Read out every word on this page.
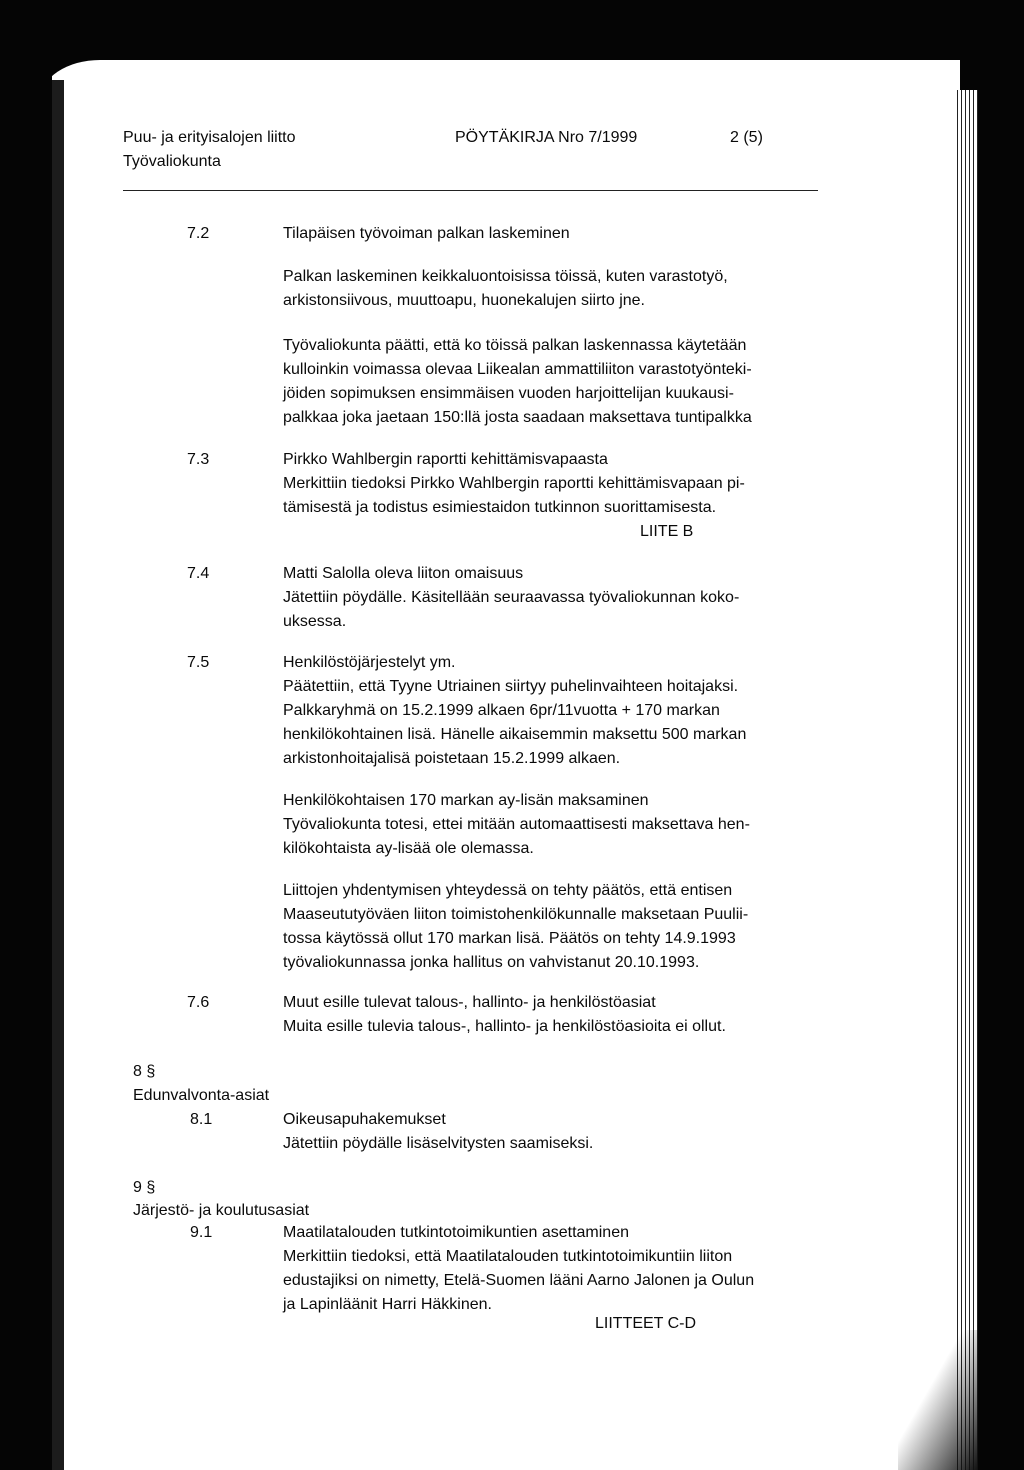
Puu- ja erityisalojen liitto
Työvaliokunta
PÖYTÄKIRJA Nro 7/1999	2 (5)
7.2	Tilapäisen työvoiman palkan laskeminen
Palkan laskeminen keikkaluontoisissa töissä, kuten varastotyö,
arkistonsiivous, muuttoapu, huonekalujen siirto jne.
Työvaliokunta päätti, että ko töissä palkan laskennassa käytetään
kulloinkin voimassa olevaa Liikealan ammattiliiton varastotyönteki-
jöiden sopimuksen ensimmäisen vuoden harjoittelijan kuukausi-
palkkaa joka jaetaan 150:llä josta saadaan maksettava tuntipalkka
7.3	Pirkko Wahlbergin raportti kehittämisvapaasta
Merkittiin tiedoksi Pirkko Wahlbergin raportti kehittämisvapaan pi-
tämisestä ja todistus esimiestaidon tutkinnon suorittamisesta.
LIITE B
7.4	Matti Salolla oleva liiton omaisuus
Jätettiin pöydälle. Käsitellään seuraavassa työvaliokunnan koko-
uksessa.
7.5	Henkilöstöjärjestelyt ym.
Päätettiin, että Tyyne Utriainen siirtyy puhelinvaihteen hoitajaksi.
Palkkaryhmä on 15.2.1999 alkaen 6pr/11vuotta + 170 markan
henkilökohtainen lisä. Hänelle aikaisemmin maksettu 500 markan
arkistonhoitajalisä poistetaan 15.2.1999 alkaen.
Henkilökohtaisen 170 markan ay-lisän maksaminen
Työvaliokunta totesi, ettei mitään automaattisesti maksettava hen-
kilökohtaista ay-lisää ole olemassa.
Liittojen yhdentymisen yhteydessä on tehty päätös, että entisen
Maaseututyöväen liiton toimistohenkilökunnalle maksetaan Puulii-
tossa käytössä ollut 170 markan lisä. Päätös on tehty 14.9.1993
työvaliokunnassa jonka hallitus on vahvistanut 20.10.1993.
7.6	Muut esille tulevat talous-, hallinto- ja henkilöstöasiat
Muita esille tulevia talous-, hallinto- ja henkilöstöasioita ei ollut.
8 §
Edunvalvonta-asiat
8.1	Oikeusapuhakemukset
Jätettiin pöydälle lisäselvitysten saamiseksi.
9 §
Järjestö- ja koulutusasiat
9.1	Maatilatalouden tutkintotoimikuntien asettaminen
Merkittiin tiedoksi, että Maatilatalouden tutkintotoimikuntiin liiton
edustajiksi on nimetty, Etelä-Suomen lääni Aarno Jalonen ja Oulun
ja Lapinläänit Harri Häkkinen.
LIITTEET C-D
